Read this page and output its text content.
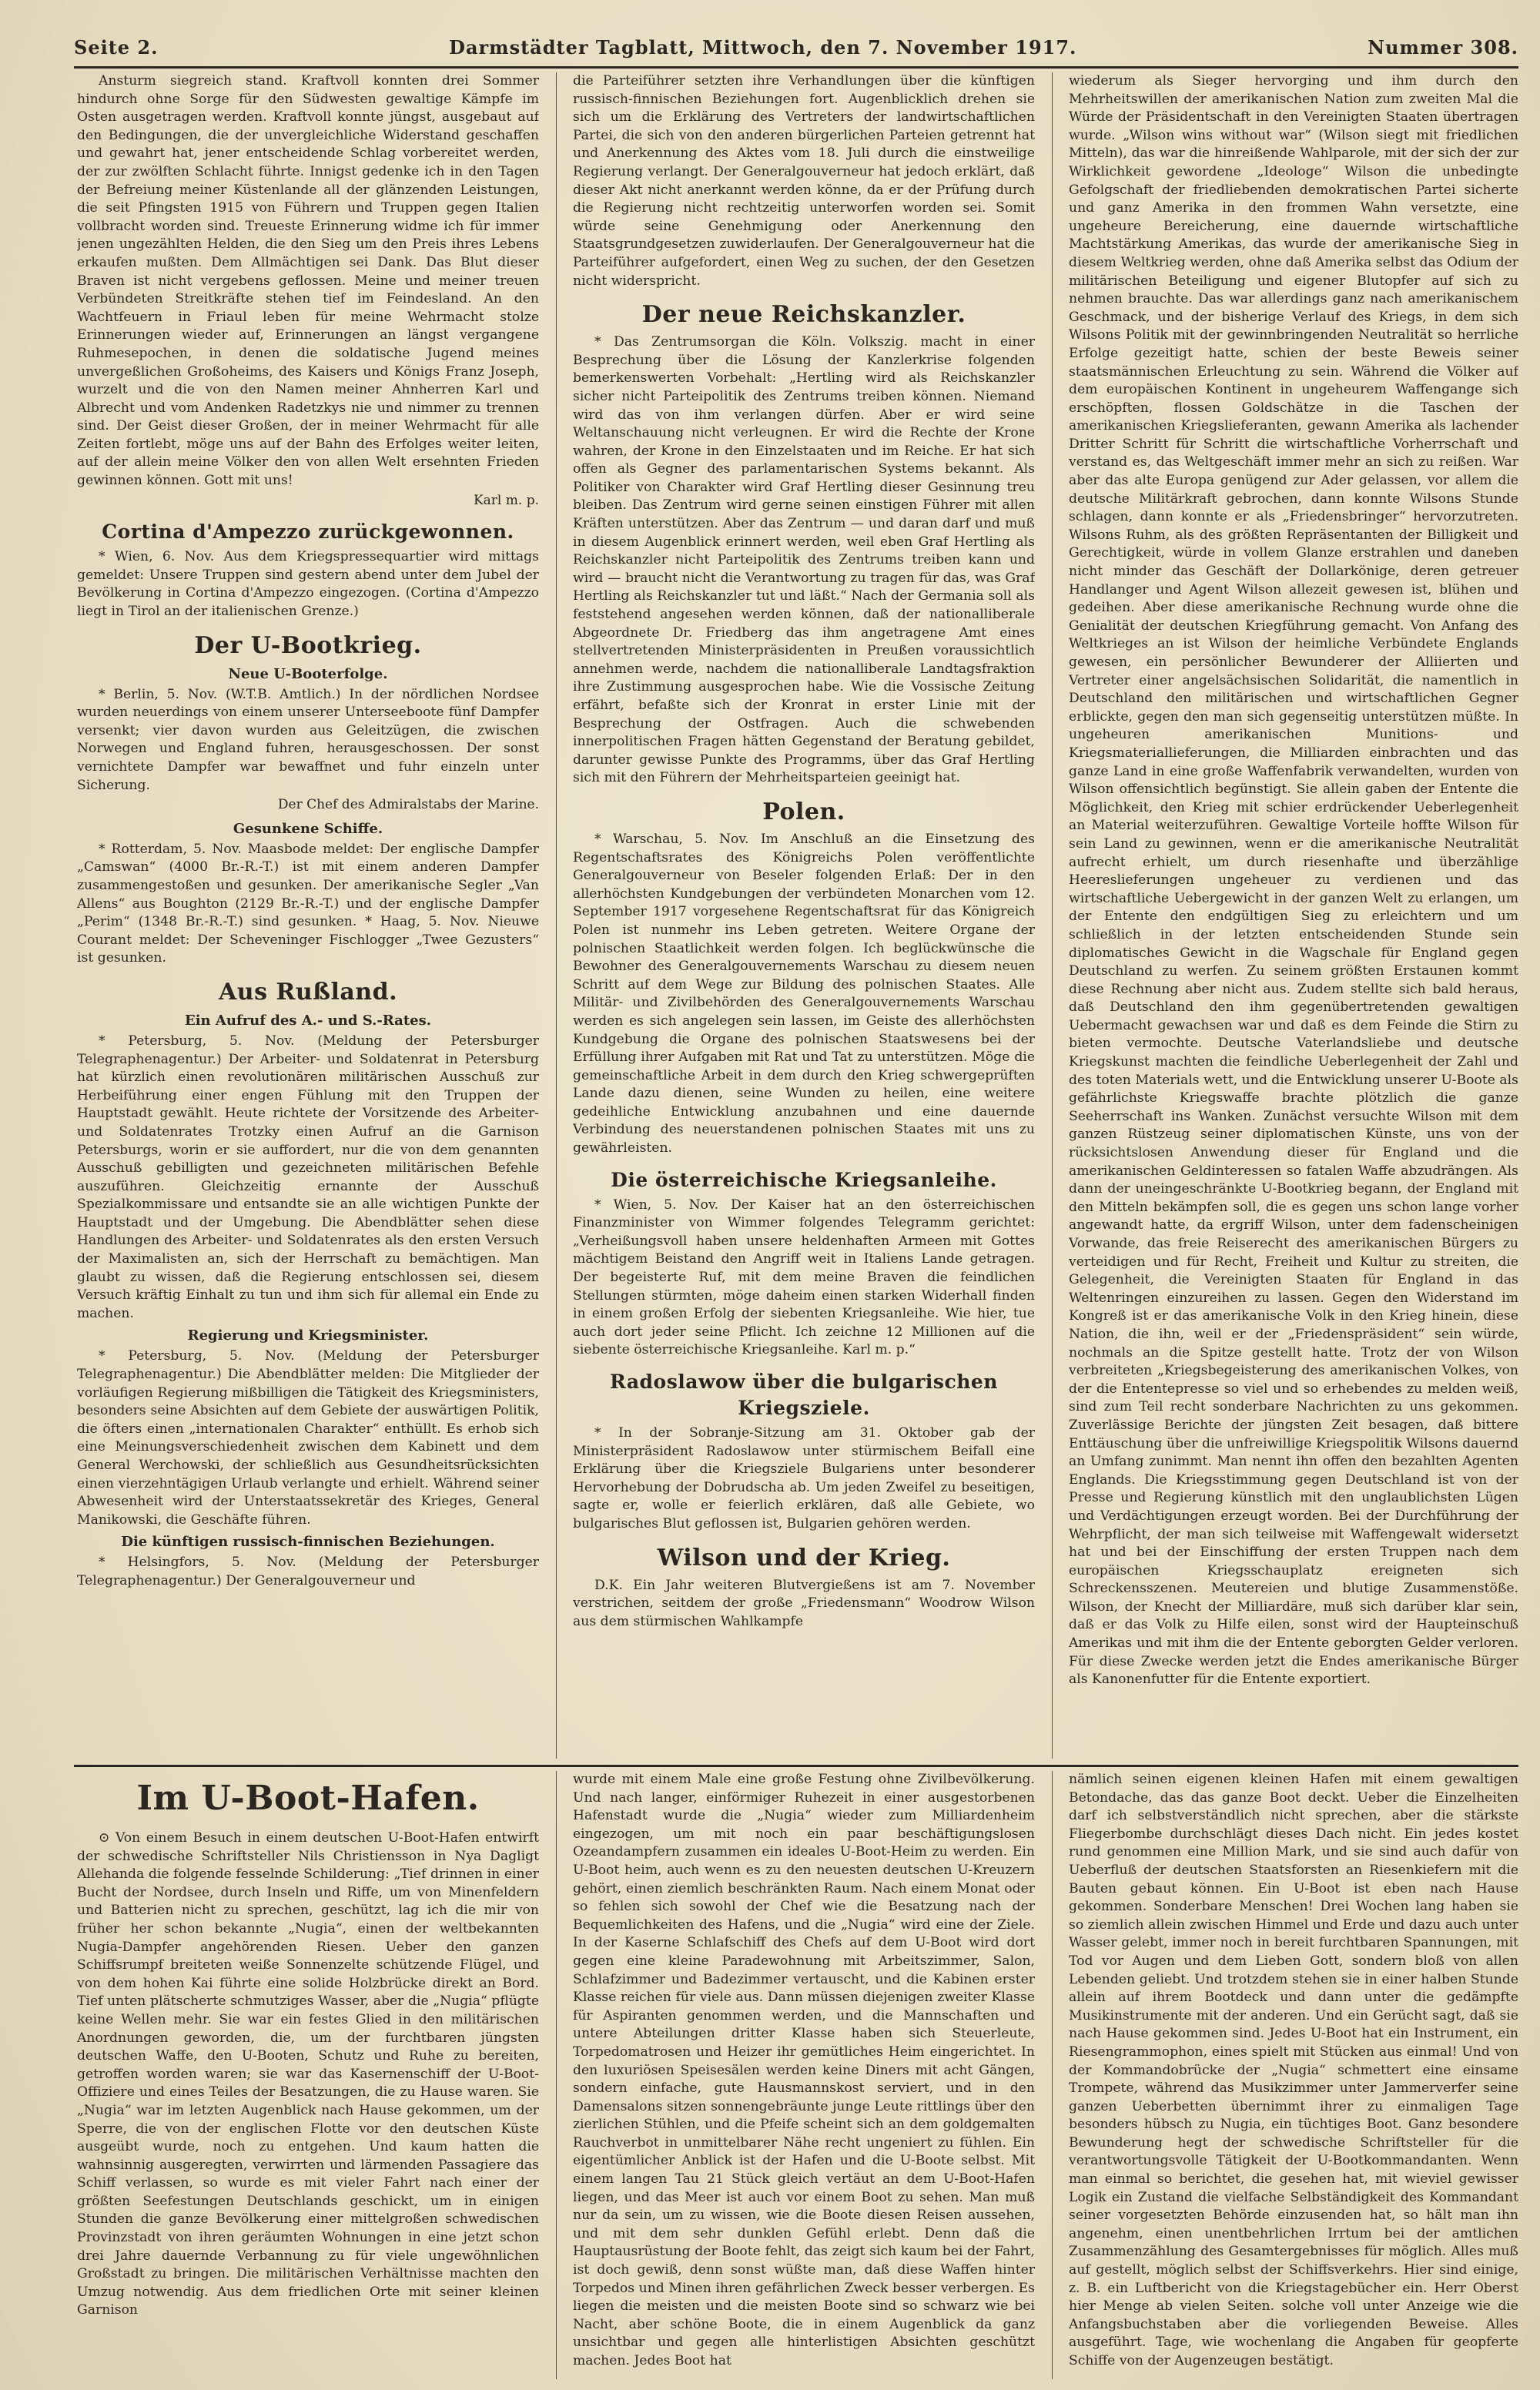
Seite 2.	Darmstädter Tagblatt, Mittwoch, den 7. November 1917.	Nummer 308.

Ansturm siegreich stand. Kraftvoll konnten drei Sommer hindurch ohne Sorge für den Südwesten gewaltige Kämpfe im Osten ausgetragen werden. Kraftvoll konnte jüngst, ausgebaut auf den Bedingungen, die der unvergleichliche Widerstand geschaffen und gewahrt hat, jener entscheidende Schlag vorbereitet werden, der zur zwölften Schlacht führte. Innigst gedenke ich in den Tagen der Befreiung meiner Küstenlande all der glänzenden Leistungen, die seit Pfingsten 1915 von Führern und Truppen gegen Italien vollbracht worden sind. Treueste Erinnerung widme ich für immer jenen ungezählten Helden, die den Sieg um den Preis ihres Lebens erkaufen mußten. Dem Allmächtigen sei Dank. Das Blut dieser Braven ist nicht vergebens geflossen. Meine und meiner treuen Verbündeten Streitkräfte stehen tief im Feindesland. An den Wachtfeuern in Friaul leben für meine Wehrmacht stolze Erinnerungen wieder auf, Erinnerungen an längst vergangene Ruhmesepochen, in denen die soldatische Jugend meines unvergeßlichen Großoheims, des Kaisers und Königs Franz Joseph, wurzelt und die von den Namen meiner Ahnherren Karl und Albrecht und vom Andenken Radetzkys nie und nimmer zu trennen sind. Der Geist dieser Großen, der in meiner Wehrmacht für alle Zeiten fortlebt, möge uns auf der Bahn des Erfolges weiter leiten, auf der allein meine Völker den von allen Welt ersehnten Frieden gewinnen können. Gott mit uns!

Karl m. p.
Cortina d'Ampezzo zurückgewonnen.

* Wien, 6. Nov. Aus dem Kriegspressequartier wird mittags gemeldet: Unsere Truppen sind gestern abend unter dem Jubel der Bevölkerung in Cortina d'Ampezzo eingezogen. (Cortina d'Ampezzo liegt in Tirol an der italienischen Grenze.)

Der U-Bootkrieg.
Neue U-Booterfolge.

* Berlin, 5. Nov. (W.T.B. Amtlich.) In der nördlichen Nordsee wurden neuerdings von einem unserer Unterseeboote fünf Dampfer versenkt; vier davon wurden aus Geleitzügen, die zwischen Norwegen und England fuhren, herausgeschossen. Der sonst vernichtete Dampfer war bewaffnet und fuhr einzeln unter Sicherung.

Der Chef des Admiralstabs der Marine.
Gesunkene Schiffe.

* Rotterdam, 5. Nov. Maasbode meldet: Der englische Dampfer „Camswan“ (4000 Br.-R.-T.) ist mit einem anderen Dampfer zusammengestoßen und gesunken. Der amerikanische Segler „Van Allens“ aus Boughton (2129 Br.-R.-T.) und der englische Dampfer „Perim“ (1348 Br.-R.-T.) sind gesunken. * Haag, 5. Nov. Nieuwe Courant meldet: Der Scheveninger Fischlogger „Twee Gezusters“ ist gesunken.

Aus Rußland.
Ein Aufruf des A.- und S.-Rates.

* Petersburg, 5. Nov. (Meldung der Petersburger Telegraphenagentur.) Der Arbeiter- und Soldatenrat in Petersburg hat kürzlich einen revolutionären militärischen Ausschuß zur Herbeiführung einer engen Fühlung mit den Truppen der Hauptstadt gewählt. Heute richtete der Vorsitzende des Arbeiter- und Soldatenrates Trotzky einen Aufruf an die Garnison Petersburgs, worin er sie auffordert, nur die von dem genannten Ausschuß gebilligten und gezeichneten militärischen Befehle auszuführen. Gleichzeitig ernannte der Ausschuß Spezialkommissare und entsandte sie an alle wichtigen Punkte der Hauptstadt und der Umgebung. Die Abendblätter sehen diese Handlungen des Arbeiter- und Soldatenrates als den ersten Versuch der Maximalisten an, sich der Herrschaft zu bemächtigen. Man glaubt zu wissen, daß die Regierung entschlossen sei, diesem Versuch kräftig Einhalt zu tun und ihm sich für allemal ein Ende zu machen.

Regierung und Kriegsminister.

* Petersburg, 5. Nov. (Meldung der Petersburger Telegraphenagentur.) Die Abendblätter melden: Die Mitglieder der vorläufigen Regierung mißbilligen die Tätigkeit des Kriegsministers, besonders seine Absichten auf dem Gebiete der auswärtigen Politik, die öfters einen „internationalen Charakter“ enthüllt. Es erhob sich eine Meinungsverschiedenheit zwischen dem Kabinett und dem General Werchowski, der schließlich aus Gesundheitsrücksichten einen vierzehntägigen Urlaub verlangte und erhielt. Während seiner Abwesenheit wird der Unterstaatssekretär des Krieges, General Manikowski, die Geschäfte führen.

Die künftigen russisch-finnischen Beziehungen.

* Helsingfors, 5. Nov. (Meldung der Petersburger Telegraphenagentur.) Der Generalgouverneur und

die Parteiführer setzten ihre Verhandlungen über die künftigen russisch-finnischen Beziehungen fort. Augenblicklich drehen sie sich um die Erklärung des Vertreters der landwirtschaftlichen Partei, die sich von den anderen bürgerlichen Parteien getrennt hat und Anerkennung des Aktes vom 18. Juli durch die einstweilige Regierung verlangt. Der Generalgouverneur hat jedoch erklärt, daß dieser Akt nicht anerkannt werden könne, da er der Prüfung durch die Regierung nicht rechtzeitig unterworfen worden sei. Somit würde seine Genehmigung oder Anerkennung den Staatsgrundgesetzen zuwiderlaufen. Der Generalgouverneur hat die Parteiführer aufgefordert, einen Weg zu suchen, der den Gesetzen nicht widerspricht.

Der neue Reichskanzler.

* Das Zentrumsorgan die Köln. Volkszig. macht in einer Besprechung über die Lösung der Kanzlerkrise folgenden bemerkenswerten Vorbehalt: „Hertling wird als Reichskanzler sicher nicht Parteipolitik des Zentrums treiben können. Niemand wird das von ihm verlangen dürfen. Aber er wird seine Weltanschauung nicht verleugnen. Er wird die Rechte der Krone wahren, der Krone in den Einzelstaaten und im Reiche. Er hat sich offen als Gegner des parlamentarischen Systems bekannt. Als Politiker von Charakter wird Graf Hertling dieser Gesinnung treu bleiben. Das Zentrum wird gerne seinen einstigen Führer mit allen Kräften unterstützen. Aber das Zentrum — und daran darf und muß in diesem Augenblick erinnert werden, weil eben Graf Hertling als Reichskanzler nicht Parteipolitik des Zentrums treiben kann und wird — braucht nicht die Verantwortung zu tragen für das, was Graf Hertling als Reichskanzler tut und läßt.“ Nach der Germania soll als feststehend angesehen werden können, daß der nationalliberale Abgeordnete Dr. Friedberg das ihm angetragene Amt eines stellvertretenden Ministerpräsidenten in Preußen voraussichtlich annehmen werde, nachdem die nationalliberale Landtagsfraktion ihre Zustimmung ausgesprochen habe. Wie die Vossische Zeitung erfährt, befaßte sich der Kronrat in erster Linie mit der Besprechung der Ostfragen. Auch die schwebenden innerpolitischen Fragen hätten Gegenstand der Beratung gebildet, darunter gewisse Punkte des Programms, über das Graf Hertling sich mit den Führern der Mehrheitsparteien geeinigt hat.

Polen.

* Warschau, 5. Nov. Im Anschluß an die Einsetzung des Regentschaftsrates des Königreichs Polen veröffentlichte Generalgouverneur von Beseler folgenden Erlaß: Der in den allerhöchsten Kundgebungen der verbündeten Monarchen vom 12. September 1917 vorgesehene Regentschaftsrat für das Königreich Polen ist nunmehr ins Leben getreten. Weitere Organe der polnischen Staatlichkeit werden folgen. Ich beglückwünsche die Bewohner des Generalgouvernements Warschau zu diesem neuen Schritt auf dem Wege zur Bildung des polnischen Staates. Alle Militär- und Zivilbehörden des Generalgouvernements Warschau werden es sich angelegen sein lassen, im Geiste des allerhöchsten Kundgebung die Organe des polnischen Staatswesens bei der Erfüllung ihrer Aufgaben mit Rat und Tat zu unterstützen. Möge die gemeinschaftliche Arbeit in dem durch den Krieg schwergeprüften Lande dazu dienen, seine Wunden zu heilen, eine weitere gedeihliche Entwicklung anzubahnen und eine dauernde Verbindung des neuerstandenen polnischen Staates mit uns zu gewährleisten.

Die österreichische Kriegsanleihe.

* Wien, 5. Nov. Der Kaiser hat an den österreichischen Finanzminister von Wimmer folgendes Telegramm gerichtet: „Verheißungsvoll haben unsere heldenhaften Armeen mit Gottes mächtigem Beistand den Angriff weit in Italiens Lande getragen. Der begeisterte Ruf, mit dem meine Braven die feindlichen Stellungen stürmten, möge daheim einen starken Widerhall finden in einem großen Erfolg der siebenten Kriegsanleihe. Wie hier, tue auch dort jeder seine Pflicht. Ich zeichne 12 Millionen auf die siebente österreichische Kriegsanleihe. Karl m. p.“

Radoslawow über die bulgarischen Kriegsziele.

* In der Sobranje-Sitzung am 31. Oktober gab der Ministerpräsident Radoslawow unter stürmischem Beifall eine Erklärung über die Kriegsziele Bulgariens unter besonderer Hervorhebung der Dobrudscha ab. Um jeden Zweifel zu beseitigen, sagte er, wolle er feierlich erklären, daß alle Gebiete, wo bulgarisches Blut geflossen ist, Bulgarien gehören werden.

Wilson und der Krieg.

D.K. Ein Jahr weiteren Blutvergießens ist am 7. November verstrichen, seitdem der große „Friedensmann“ Woodrow Wilson aus dem stürmischen Wahlkampfe

wiederum als Sieger hervorging und ihm durch den Mehrheitswillen der amerikanischen Nation zum zweiten Mal die Würde der Präsidentschaft in den Vereinigten Staaten übertragen wurde. „Wilson wins without war“ (Wilson siegt mit friedlichen Mitteln), das war die hinreißende Wahlparole, mit der sich der zur Wirklichkeit gewordene „Ideologe“ Wilson die unbedingte Gefolgschaft der friedliebenden demokratischen Partei sicherte und ganz Amerika in den frommen Wahn versetzte, eine ungeheure Bereicherung, eine dauernde wirtschaftliche Machtstärkung Amerikas, das wurde der amerikanische Sieg in diesem Weltkrieg werden, ohne daß Amerika selbst das Odium der militärischen Beteiligung und eigener Blutopfer auf sich zu nehmen brauchte. Das war allerdings ganz nach amerikanischem Geschmack, und der bisherige Verlauf des Kriegs, in dem sich Wilsons Politik mit der gewinnbringenden Neutralität so herrliche Erfolge gezeitigt hatte, schien der beste Beweis seiner staatsmännischen Erleuchtung zu sein. Während die Völker auf dem europäischen Kontinent in ungeheurem Waffengange sich erschöpften, flossen Goldschätze in die Taschen der amerikanischen Kriegslieferanten, gewann Amerika als lachender Dritter Schritt für Schritt die wirtschaftliche Vorherrschaft und verstand es, das Weltgeschäft immer mehr an sich zu reißen. War aber das alte Europa genügend zur Ader gelassen, vor allem die deutsche Militärkraft gebrochen, dann konnte Wilsons Stunde schlagen, dann konnte er als „Friedensbringer“ hervorzutreten. Wilsons Ruhm, als des größten Repräsentanten der Billigkeit und Gerechtigkeit, würde in vollem Glanze erstrahlen und daneben nicht minder das Geschäft der Dollarkönige, deren getreuer Handlanger und Agent Wilson allezeit gewesen ist, blühen und gedeihen. Aber diese amerikanische Rechnung wurde ohne die Genialität der deutschen Kriegführung gemacht. Von Anfang des Weltkrieges an ist Wilson der heimliche Verbündete Englands gewesen, ein persönlicher Bewunderer der Alliierten und Vertreter einer angelsächsischen Solidarität, die namentlich in Deutschland den militärischen und wirtschaftlichen Gegner erblickte, gegen den man sich gegenseitig unterstützen müßte. In ungeheuren amerikanischen Munitions- und Kriegsmateriallieferungen, die Milliarden einbrachten und das ganze Land in eine große Waffenfabrik verwandelten, wurden von Wilson offensichtlich begünstigt. Sie allein gaben der Entente die Möglichkeit, den Krieg mit schier erdrückender Ueberlegenheit an Material weiterzuführen. Gewaltige Vorteile hoffte Wilson für sein Land zu gewinnen, wenn er die amerikanische Neutralität aufrecht erhielt, um durch riesenhafte und überzählige Heereslieferungen ungeheuer zu verdienen und das wirtschaftliche Uebergewicht in der ganzen Welt zu erlangen, um der Entente den endgültigen Sieg zu erleichtern und um schließlich in der letzten entscheidenden Stunde sein diplomatisches Gewicht in die Wagschale für England gegen Deutschland zu werfen. Zu seinem größten Erstaunen kommt diese Rechnung aber nicht aus. Zudem stellte sich bald heraus, daß Deutschland den ihm gegenübertretenden gewaltigen Uebermacht gewachsen war und daß es dem Feinde die Stirn zu bieten vermochte. Deutsche Vaterlandsliebe und deutsche Kriegskunst machten die feindliche Ueberlegenheit der Zahl und des toten Materials wett, und die Entwicklung unserer U-Boote als gefährlichste Kriegswaffe brachte plötzlich die ganze Seeherrschaft ins Wanken. Zunächst versuchte Wilson mit dem ganzen Rüstzeug seiner diplomatischen Künste, uns von der rücksichtslosen Anwendung dieser für England und die amerikanischen Geldinteressen so fatalen Waffe abzudrängen. Als dann der uneingeschränkte U-Bootkrieg begann, der England mit den Mitteln bekämpfen soll, die es gegen uns schon lange vorher angewandt hatte, da ergriff Wilson, unter dem fadenscheinigen Vorwande, das freie Reiserecht des amerikanischen Bürgers zu verteidigen und für Recht, Freiheit und Kultur zu streiten, die Gelegenheit, die Vereinigten Staaten für England in das Weltenringen einzureihen zu lassen. Gegen den Widerstand im Kongreß ist er das amerikanische Volk in den Krieg hinein, diese Nation, die ihn, weil er der „Friedenspräsident“ sein würde, nochmals an die Spitze gestellt hatte. Trotz der von Wilson verbreiteten „Kriegsbegeisterung des amerikanischen Volkes, von der die Ententepresse so viel und so erhebendes zu melden weiß, sind zum Teil recht sonderbare Nachrichten zu uns gekommen. Zuverlässige Berichte der jüngsten Zeit besagen, daß bittere Enttäuschung über die unfreiwillige Kriegspolitik Wilsons dauernd an Umfang zunimmt. Man nennt ihn offen den bezahlten Agenten Englands. Die Kriegsstimmung gegen Deutschland ist von der Presse und Regierung künstlich mit den unglaublichsten Lügen und Verdächtigungen erzeugt worden. Bei der Durchführung der Wehrpflicht, der man sich teilweise mit Waffengewalt widersetzt hat und bei der Einschiffung der ersten Truppen nach dem europäischen Kriegsschauplatz ereigneten sich Schreckensszenen. Meutereien und blutige Zusammenstöße. Wilson, der Knecht der Milliardäre, muß sich darüber klar sein, daß er das Volk zu Hilfe eilen, sonst wird der Haupteinschuß Amerikas und mit ihm die der Entente geborgten Gelder verloren. Für diese Zwecke werden jetzt die Endes amerikanische Bürger als Kanonenfutter für die Entente exportiert.

Im U-Boot-Hafen.

⊙ Von einem Besuch in einem deutschen U-Boot-Hafen entwirft der schwedische Schriftsteller Nils Christiensson in Nya Dagligt Allehanda die folgende fesselnde Schilderung: „Tief drinnen in einer Bucht der Nordsee, durch Inseln und Riffe, um von Minenfeldern und Batterien nicht zu sprechen, geschützt, lag ich die mir von früher her schon bekannte „Nugia“, einen der weltbekannten Nugia-Dampfer angehörenden Riesen. Ueber den ganzen Schiffsrumpf breiteten weiße Sonnenzelte schützende Flügel, und von dem hohen Kai führte eine solide Holzbrücke direkt an Bord. Tief unten plätscherte schmutziges Wasser, aber die „Nugia“ pflügte keine Wellen mehr. Sie war ein festes Glied in den militärischen Anordnungen geworden, die, um der furchtbaren jüngsten deutschen Waffe, den U-Booten, Schutz und Ruhe zu bereiten, getroffen worden waren; sie war das Kasernenschiff der U-Boot-Offiziere und eines Teiles der Besatzungen, die zu Hause waren. Sie „Nugia“ war im letzten Augenblick nach Hause gekommen, um der Sperre, die von der englischen Flotte vor den deutschen Küste ausgeübt wurde, noch zu entgehen. Und kaum hatten die wahnsinnig ausgeregten, verwirrten und lärmenden Passagiere das Schiff verlassen, so wurde es mit vieler Fahrt nach einer der größten Seefestungen Deutschlands geschickt, um in einigen Stunden die ganze Bevölkerung einer mittelgroßen schwedischen Provinzstadt von ihren geräumten Wohnungen in eine jetzt schon drei Jahre dauernde Verbannung zu für viele ungewöhnlichen Großstadt zu bringen. Die militärischen Verhältnisse machten den Umzug notwendig. Aus dem friedlichen Orte mit seiner kleinen Garnison

wurde mit einem Male eine große Festung ohne Zivilbevölkerung. Und nach langer, einförmiger Ruhezeit in einer ausgestorbenen Hafenstadt wurde die „Nugia“ wieder zum Milliardenheim eingezogen, um mit noch ein paar beschäftigungslosen Ozeandampfern zusammen ein ideales U-Boot-Heim zu werden. Ein U-Boot heim, auch wenn es zu den neuesten deutschen U-Kreuzern gehört, einen ziemlich beschränkten Raum. Nach einem Monat oder so fehlen sich sowohl der Chef wie die Besatzung nach der Bequemlichkeiten des Hafens, und die „Nugia“ wird eine der Ziele. In der Kaserne Schlafschiff des Chefs auf dem U-Boot wird dort gegen eine kleine Paradewohnung mit Arbeitszimmer, Salon, Schlafzimmer und Badezimmer vertauscht, und die Kabinen erster Klasse reichen für viele aus. Dann müssen diejenigen zweiter Klasse für Aspiranten genommen werden, und die Mannschaften und untere Abteilungen dritter Klasse haben sich Steuerleute, Torpedomatrosen und Heizer ihr gemütliches Heim eingerichtet. In den luxuriösen Speisesälen werden keine Diners mit acht Gängen, sondern einfache, gute Hausmannskost serviert, und in den Damensalons sitzen sonnengebräunte junge Leute rittlings über den zierlichen Stühlen, und die Pfeife scheint sich an dem goldgemalten Rauchverbot in unmittelbarer Nähe recht ungeniert zu fühlen. Ein eigentümlicher Anblick ist der Hafen und die U-Boote selbst. Mit einem langen Tau 21 Stück gleich vertäut an dem U-Boot-Hafen liegen, und das Meer ist auch vor einem Boot zu sehen. Man muß nur da sein, um zu wissen, wie die Boote diesen Reisen aussehen, und mit dem sehr dunklen Gefühl erlebt. Denn daß die Hauptausrüstung der Boote fehlt, das zeigt sich kaum bei der Fahrt, ist doch gewiß, denn sonst wüßte man, daß diese Waffen hinter Torpedos und Minen ihren gefährlichen Zweck besser verbergen. Es liegen die meisten und die meisten Boote sind so schwarz wie bei Nacht, aber schöne Boote, die in einem Augenblick da ganz unsichtbar und gegen alle hinterlistigen Absichten geschützt machen. Jedes Boot hat

nämlich seinen eigenen kleinen Hafen mit einem gewaltigen Betondache, das das ganze Boot deckt. Ueber die Einzelheiten darf ich selbstverständlich nicht sprechen, aber die stärkste Fliegerbombe durchschlägt dieses Dach nicht. Ein jedes kostet rund genommen eine Million Mark, und sie sind auch dafür von Ueberfluß der deutschen Staatsforsten an Riesenkiefern mit die Bauten gebaut können. Ein U-Boot ist eben nach Hause gekommen. Sonderbare Menschen! Drei Wochen lang haben sie so ziemlich allein zwischen Himmel und Erde und dazu auch unter Wasser gelebt, immer noch in bereit furchtbaren Spannungen, mit Tod vor Augen und dem Lieben Gott, sondern bloß von allen Lebenden geliebt. Und trotzdem stehen sie in einer halben Stunde allein auf ihrem Bootdeck und dann unter die gedämpfte Musikinstrumente mit der anderen. Und ein Gerücht sagt, daß sie nach Hause gekommen sind. Jedes U-Boot hat ein Instrument, ein Riesengrammophon, eines spielt mit Stücken aus einmal! Und von der Kommandobrücke der „Nugia“ schmettert eine einsame Trompete, während das Musikzimmer unter Jammerverfer seine ganzen Ueberbetten übernimmt ihrer zu einmaligen Tage besonders hübsch zu Nugia, ein tüchtiges Boot. Ganz besondere Bewunderung hegt der schwedische Schriftsteller für die verantwortungsvolle Tätigkeit der U-Bootkommandanten. Wenn man einmal so berichtet, die gesehen hat, mit wieviel gewisser Logik ein Zustand die vielfache Selbständigkeit des Kommandant seiner vorgesetzten Behörde einzusenden hat, so hält man ihn angenehm, einen unentbehrlichen Irrtum bei der amtlichen Zusammenzählung des Gesamtergebnisses für möglich. Alles muß auf gestellt, möglich selbst der Schiffsverkehrs. Hier sind einige, z. B. ein Luftbericht von die Kriegstagebücher ein. Herr Oberst hier Menge ab vielen Seiten. solche voll unter Anzeige wie die Anfangsbuchstaben aber die vorliegenden Beweise. Alles ausgeführt. Tage, wie wochenlang die Angaben für geopferte Schiffe von der Augenzeugen bestätigt.
